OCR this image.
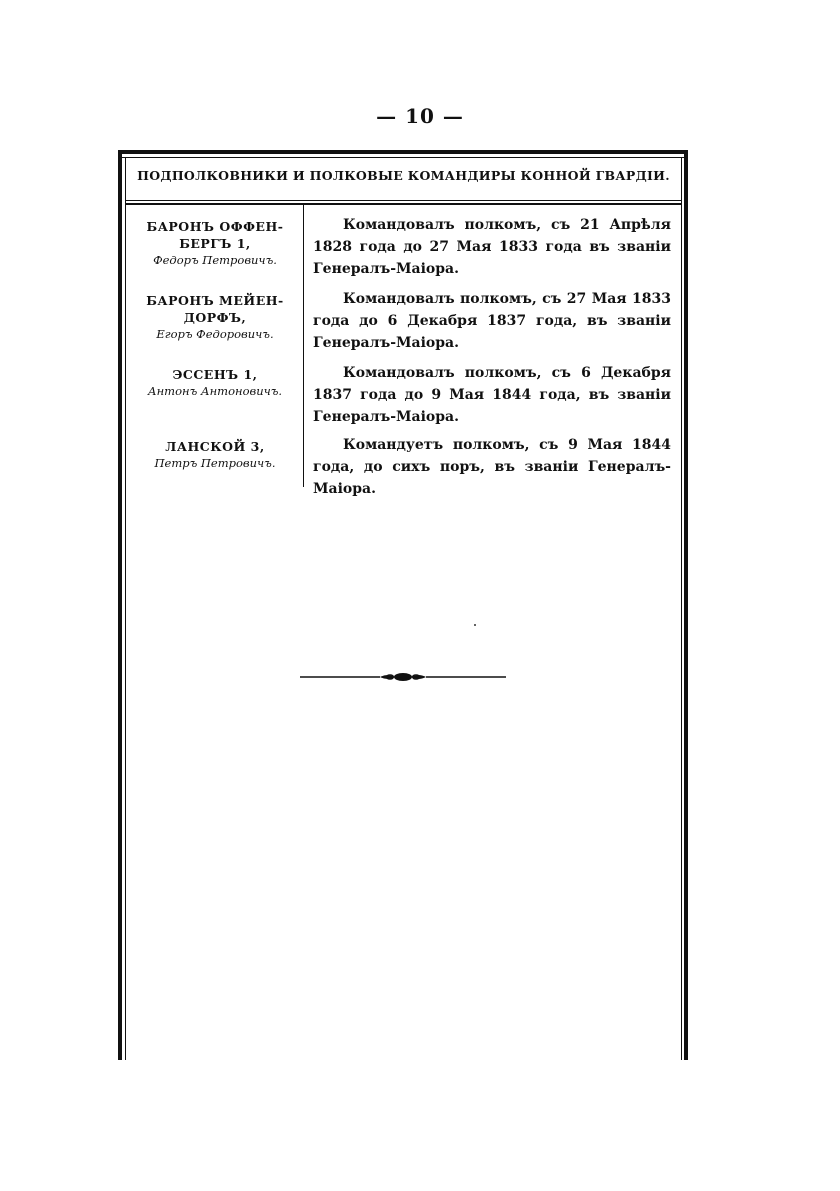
— 10 —
ПОДПОЛКОВНИКИ И ПОЛКОВЫЕ КОМАНДИРЫ КОННОЙ ГВАРДІИ.
БАРОНЪ ОФФЕН-
БЕРГЪ 1,
Федоръ Петровичъ.
БАРОНЪ МЕЙЕН-
ДОРФЪ,
Егоръ Федоровичъ.
ЭССЕНЪ 1,
Антонъ Антоновичъ.
ЛАНСКОЙ 3,
Петръ Петровичъ.

Командовалъ полкомъ, съ 21 Апрѣля 1828 года до 27 Мая 1833 года въ званіи Генералъ-Маіора.

Командовалъ полкомъ, съ 27 Мая 1833 года до 6 Декабря 1837 года, въ званіи Генералъ-Маіора.

Командовалъ полкомъ, съ 6 Декабря 1837 года до 9 Мая 1844 года, въ званіи Генералъ-Маіора.

Командуетъ полкомъ, съ 9 Мая 1844 года, до сихъ поръ, въ званіи Генералъ-Маіора.
